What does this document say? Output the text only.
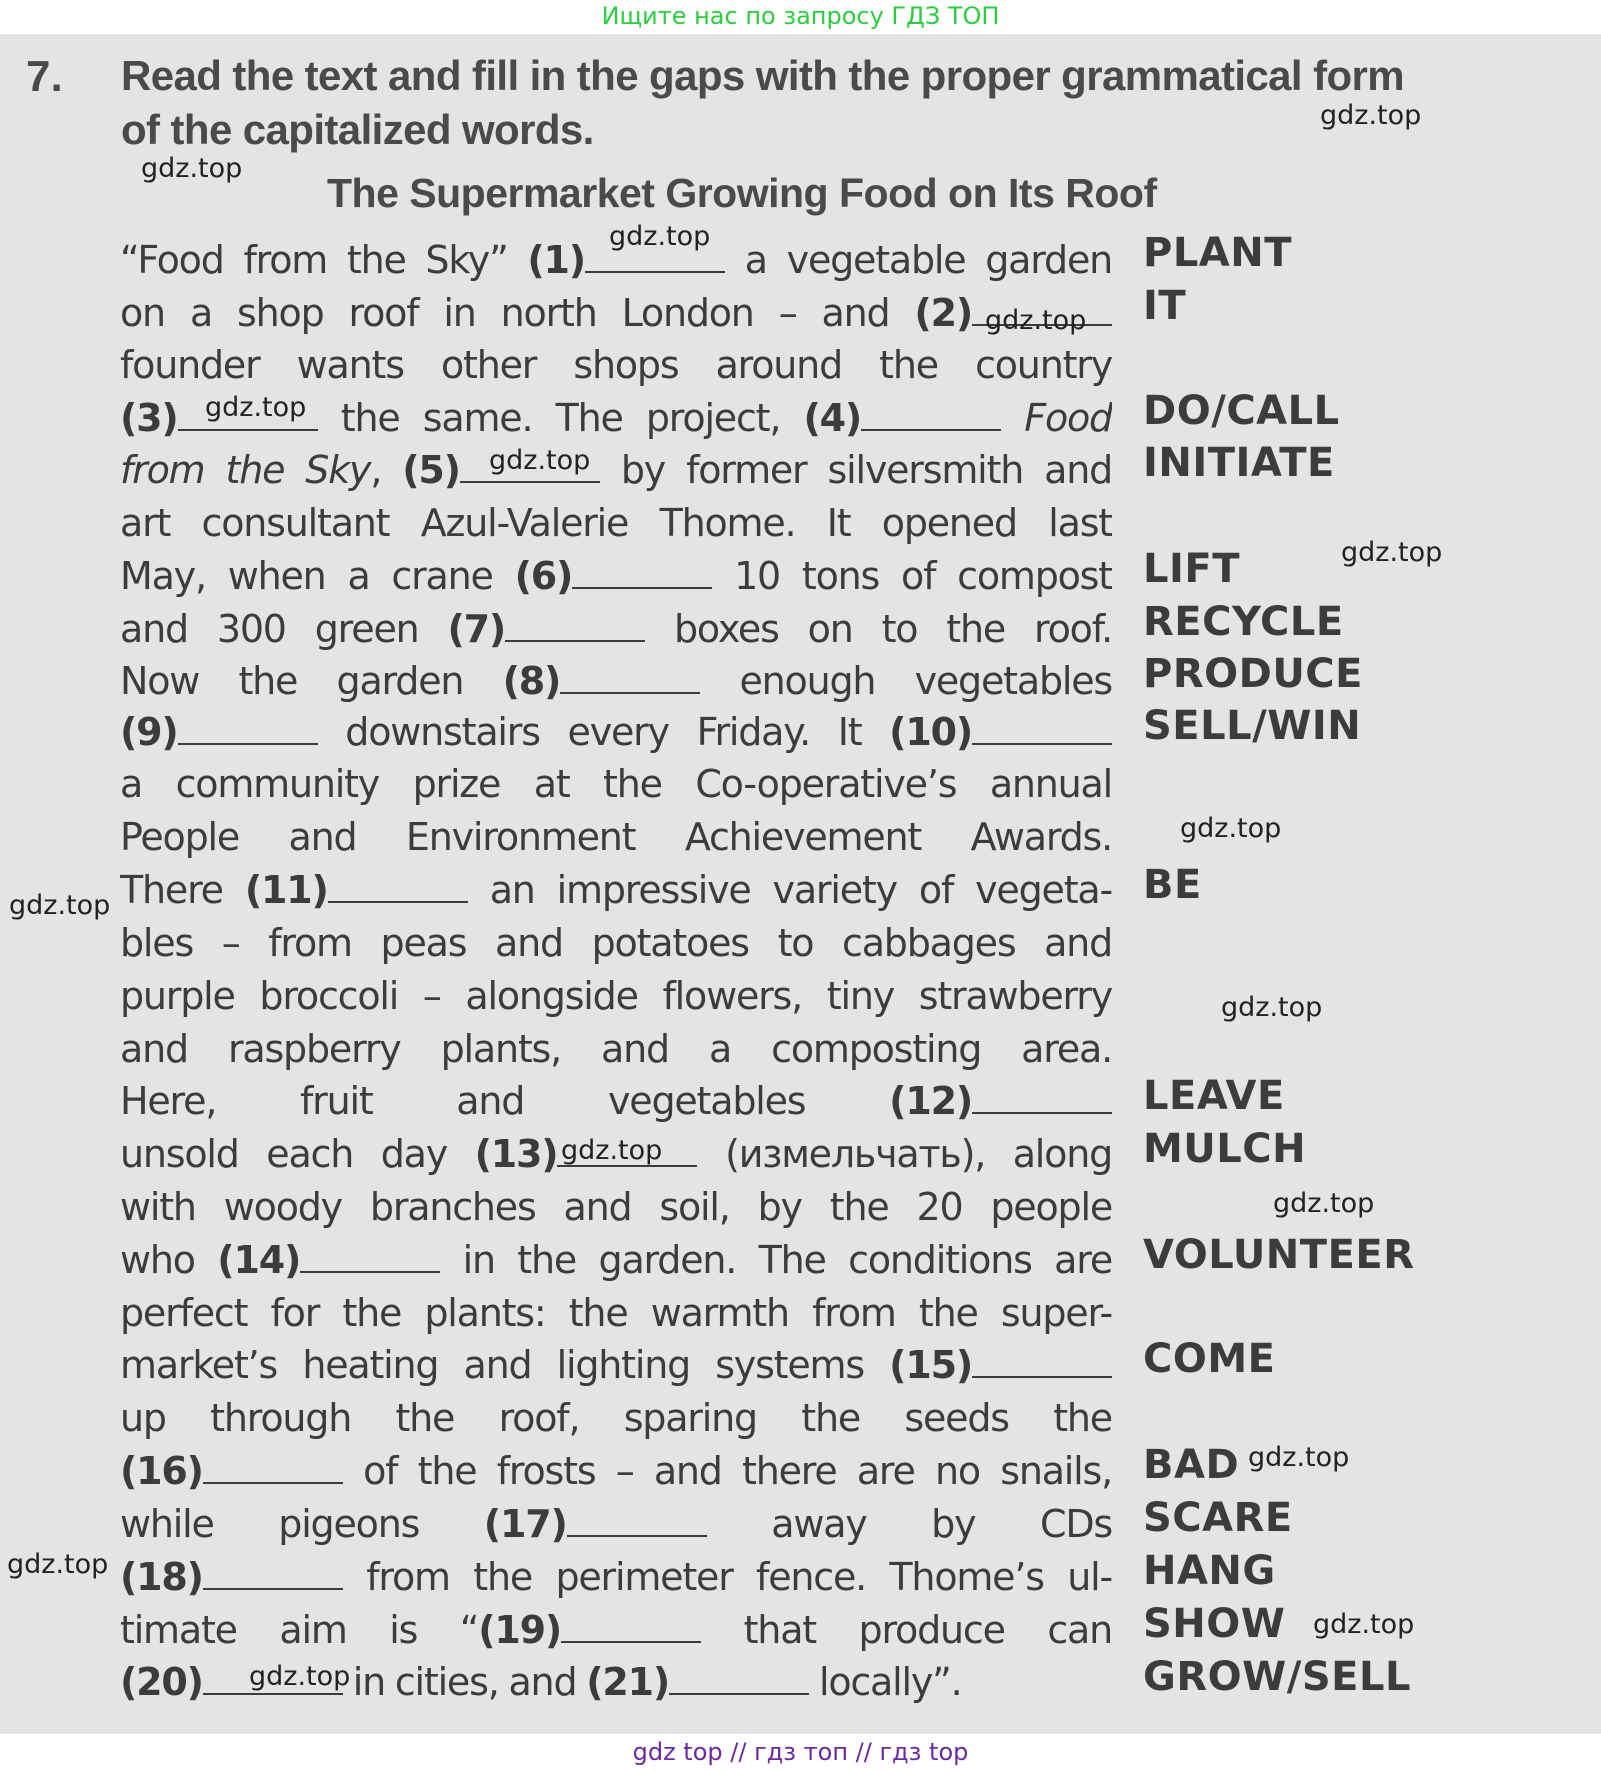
Ищите нас по запросу ГДЗ ТОП
7. Read the text and fill in the gaps with the proper grammatical form
of the capitalized words.
The Supermarket Growing Food on Its Roof
“Food from the Sky” (1)	a vegetable garden
on a shop roof in north London – and (2)
founder wants other shops around the country
(3)	the same. The project, (4)	Food
from the Sky, (5)	by former silversmith and
art consultant Azul-Valerie Thome. It opened last
May, when a crane (6)	10 tons of compost
and 300 green (7)	boxes on to the roof.
Now the garden (8)	enough vegetables
(9)	downstairs every Friday. It (10)
a community prize at the Co-operative’s annual
People and Environment Achievement Awards.
There (11)	an impressive variety of vegeta-
bles – from peas and potatoes to cabbages and
purple broccoli – alongside flowers, tiny strawberry
and raspberry plants, and a composting area.
Here, fruit and vegetables (12)
unsold each day (13)	(измельчать), along
with woody branches and soil, by the 20 people
who (14)	in the garden. The conditions are
perfect for the plants: the warmth from the super-
market’s heating and lighting systems (15)
up through the roof, sparing the seeds the
(16)	of the frosts – and there are no snails,
while pigeons (17)	away by CDs
(18)	from the perimeter fence. Thome’s ul-
timate aim is “(19)	that produce can
(20)	in cities, and (21)	locally”.
PLANT
IT
DO/CALL
INITIATE
LIFT
RECYCLE
PRODUCE
SELL/WIN
BE
LEAVE
MULCH
VOLUNTEER
COME
BAD
SCARE
HANG
SHOW
GROW/SELL
gdz.top
gdz.top
gdz.top
gdz.top
gdz.top
gdz.top
gdz.top
gdz.top
gdz.top
gdz.top
gdz.top
gdz.top
gdz.top
gdz.top
gdz.top
gdz.top
gdz top // гдз топ // гдз top
